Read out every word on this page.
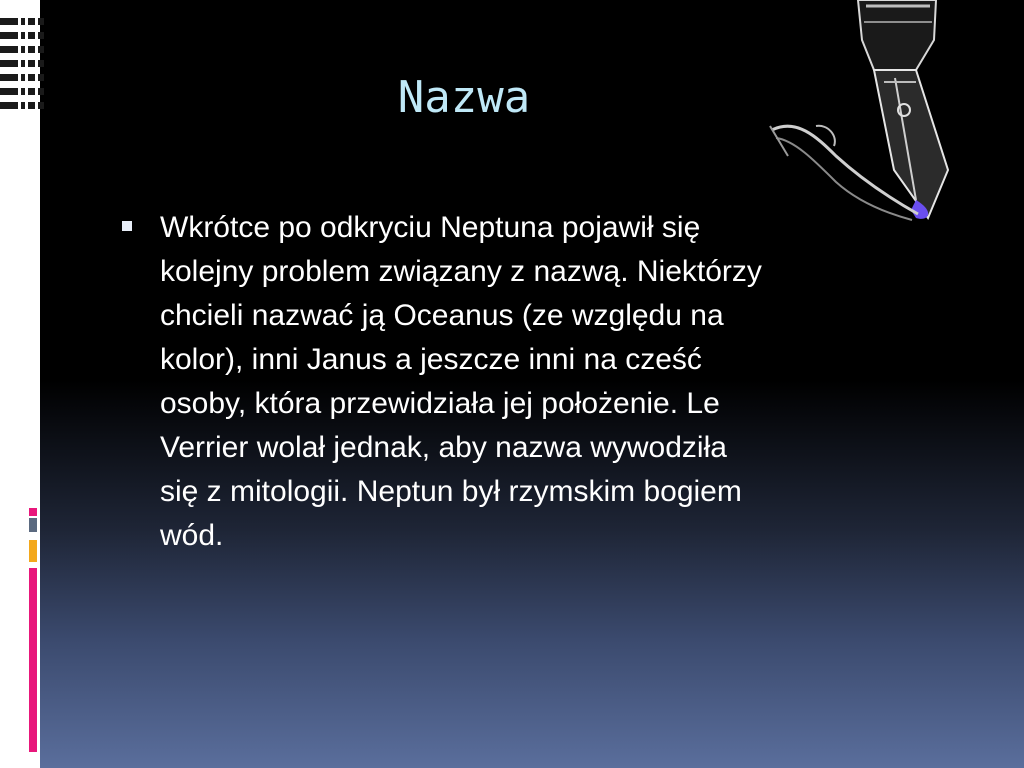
Nazwa
Wkrótce po odkryciu Neptuna pojawił się kolejny problem związany z nazwą. Niektórzy chcieli nazwać ją Oceanus (ze względu na kolor), inni Janus a jeszcze inni na cześć osoby, która przewidziała jej położenie. Le Verrier wolał jednak, aby nazwa wywodziła się z mitologii. Neptun był rzymskim bogiem wód.
